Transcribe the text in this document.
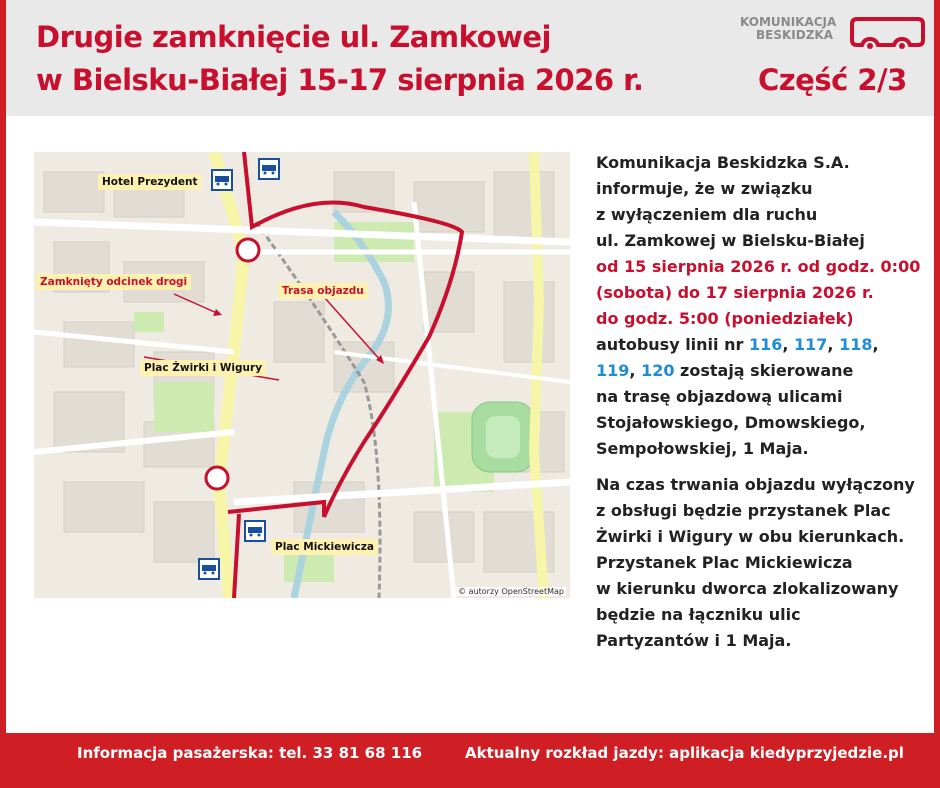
Drugie zamknięcie ul. Zamkowej
w Bielsku-Białej 15-17 sierpnia 2026 r.	Część 2/3
KOMUNIKACJA
BESKIDZKA
Hotel Prezydent
Zamknięty odcinek drogi
Trasa objazdu
Plac Żwirki i Wigury
Plac Mickiewicza
© autorzy OpenStreetMap

Komunikacja Beskidzka S.A.
informuje, że w związku
z wyłączeniem dla ruchu
ul. Zamkowej w Bielsku-Białej
od 15 sierpnia 2026 r. od godz. 0:00
(sobota) do 17 sierpnia 2026 r.
do godz. 5:00 (poniedziałek)
autobusy linii nr 116, 117, 118,
119, 120 zostają skierowane
na trasę objazdową ulicami
Stojałowskiego, Dmowskiego,
Sempołowskiej, 1 Maja.

Na czas trwania objazdu wyłączony
z obsługi będzie przystanek Plac
Żwirki i Wigury w obu kierunkach.
Przystanek Plac Mickiewicza
w kierunku dworca zlokalizowany
będzie na łączniku ulic
Partyzantów i 1 Maja.

Informacja pasażerska: tel. 33 81 68 116	Aktualny rozkład jazdy: aplikacja kiedyprzyjedzie.pl
